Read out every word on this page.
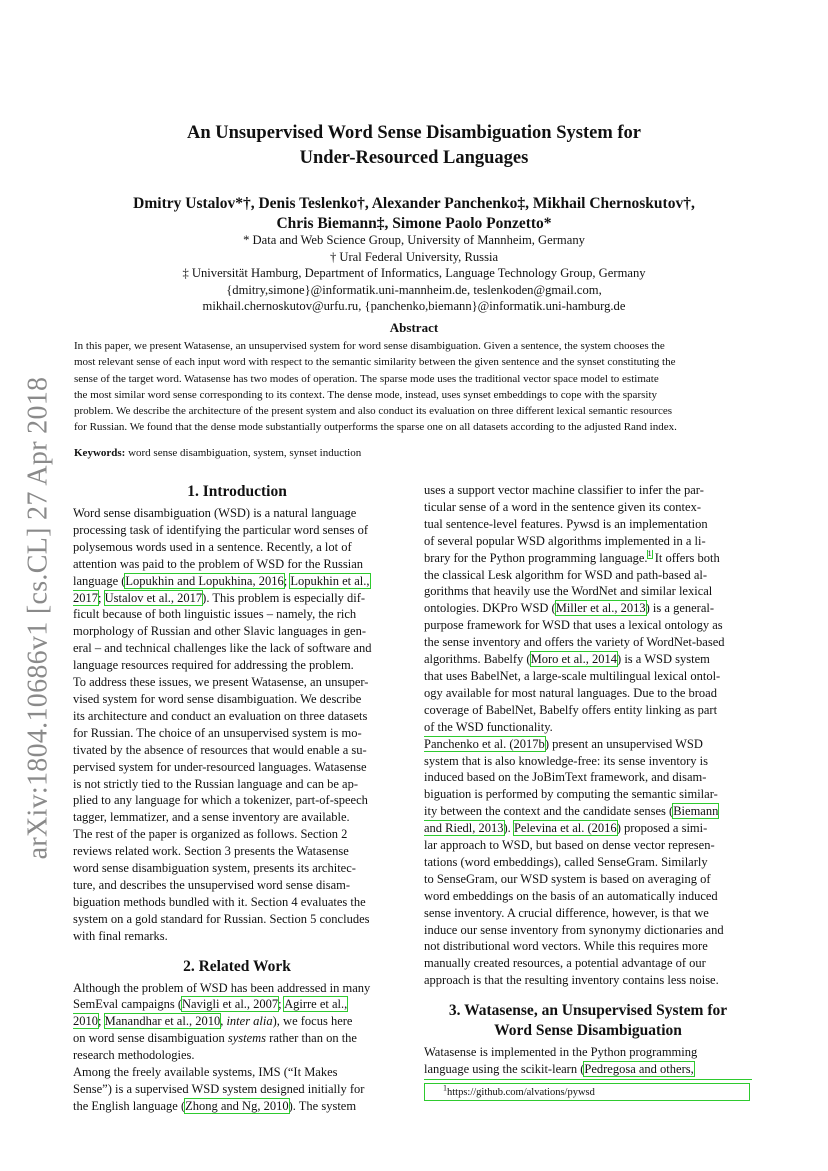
arXiv:1804.10686v1 [cs.CL] 27 Apr 2018
An Unsupervised Word Sense Disambiguation System for
Under-Resourced Languages
Dmitry Ustalov*†, Denis Teslenko†, Alexander Panchenko‡, Mikhail Chernoskutov†,
Chris Biemann‡, Simone Paolo Ponzetto*
* Data and Web Science Group, University of Mannheim, Germany
† Ural Federal University, Russia
‡ Universität Hamburg, Department of Informatics, Language Technology Group, Germany
{dmitry,simone}@informatik.uni-mannheim.de, teslenkoden@gmail.com,
mikhail.chernoskutov@urfu.ru, {panchenko,biemann}@informatik.uni-hamburg.de
Abstract
In this paper, we present Watasense, an unsupervised system for word sense disambiguation. Given a sentence, the system chooses the
most relevant sense of each input word with respect to the semantic similarity between the given sentence and the synset constituting the
sense of the target word. Watasense has two modes of operation. The sparse mode uses the traditional vector space model to estimate
the most similar word sense corresponding to its context. The dense mode, instead, uses synset embeddings to cope with the sparsity
problem. We describe the architecture of the present system and also conduct its evaluation on three different lexical semantic resources
for Russian. We found that the dense mode substantially outperforms the sparse one on all datasets according to the adjusted Rand index.
Keywords: word sense disambiguation, system, synset induction
1. Introduction
Word sense disambiguation (WSD) is a natural language
processing task of identifying the particular word senses of
polysemous words used in a sentence. Recently, a lot of
attention was paid to the problem of WSD for the Russian
language (Lopukhin and Lopukhina, 2016; Lopukhin et al.,
2017; Ustalov et al., 2017). This problem is especially dif-
ficult because of both linguistic issues – namely, the rich
morphology of Russian and other Slavic languages in gen-
eral – and technical challenges like the lack of software and
language resources required for addressing the problem.
To address these issues, we present Watasense, an unsuper-
vised system for word sense disambiguation. We describe
its architecture and conduct an evaluation on three datasets
for Russian. The choice of an unsupervised system is mo-
tivated by the absence of resources that would enable a su-
pervised system for under-resourced languages. Watasense
is not strictly tied to the Russian language and can be ap-
plied to any language for which a tokenizer, part-of-speech
tagger, lemmatizer, and a sense inventory are available.
The rest of the paper is organized as follows. Section 2
reviews related work. Section 3 presents the Watasense
word sense disambiguation system, presents its architec-
ture, and describes the unsupervised word sense disam-
biguation methods bundled with it. Section 4 evaluates the
system on a gold standard for Russian. Section 5 concludes
with final remarks.
2. Related Work
Although the problem of WSD has been addressed in many
SemEval campaigns (Navigli et al., 2007; Agirre et al.,
2010; Manandhar et al., 2010, inter alia), we focus here
on word sense disambiguation systems rather than on the
research methodologies.
Among the freely available systems, IMS (“It Makes
Sense”) is a supervised WSD system designed initially for
the English language (Zhong and Ng, 2010). The system
uses a support vector machine classifier to infer the par-
ticular sense of a word in the sentence given its contex-
tual sentence-level features. Pywsd is an implementation
of several popular WSD algorithms implemented in a li-
brary for the Python programming language.$^1$ It offers both
the classical Lesk algorithm for WSD and path-based al-
gorithms that heavily use the WordNet and similar lexical
ontologies. DKPro WSD (Miller et al., 2013) is a general-
purpose framework for WSD that uses a lexical ontology as
the sense inventory and offers the variety of WordNet-based
algorithms. Babelfy (Moro et al., 2014) is a WSD system
that uses BabelNet, a large-scale multilingual lexical ontol-
ogy available for most natural languages. Due to the broad
coverage of BabelNet, Babelfy offers entity linking as part
of the WSD functionality.
Panchenko et al. (2017b) present an unsupervised WSD
system that is also knowledge-free: its sense inventory is
induced based on the JoBimText framework, and disam-
biguation is performed by computing the semantic similar-
ity between the context and the candidate senses (Biemann
and Riedl, 2013). Pelevina et al. (2016) proposed a simi-
lar approach to WSD, but based on dense vector represen-
tations (word embeddings), called SenseGram. Similarly
to SenseGram, our WSD system is based on averaging of
word embeddings on the basis of an automatically induced
sense inventory. A crucial difference, however, is that we
induce our sense inventory from synonymy dictionaries and
not distributional word vectors. While this requires more
manually created resources, a potential advantage of our
approach is that the resulting inventory contains less noise.
3. Watasense, an Unsupervised System for
Word Sense Disambiguation
Watasense is implemented in the Python programming
language using the scikit-learn (Pedregosa and others,
$^1$https://github.com/alvations/pywsd
